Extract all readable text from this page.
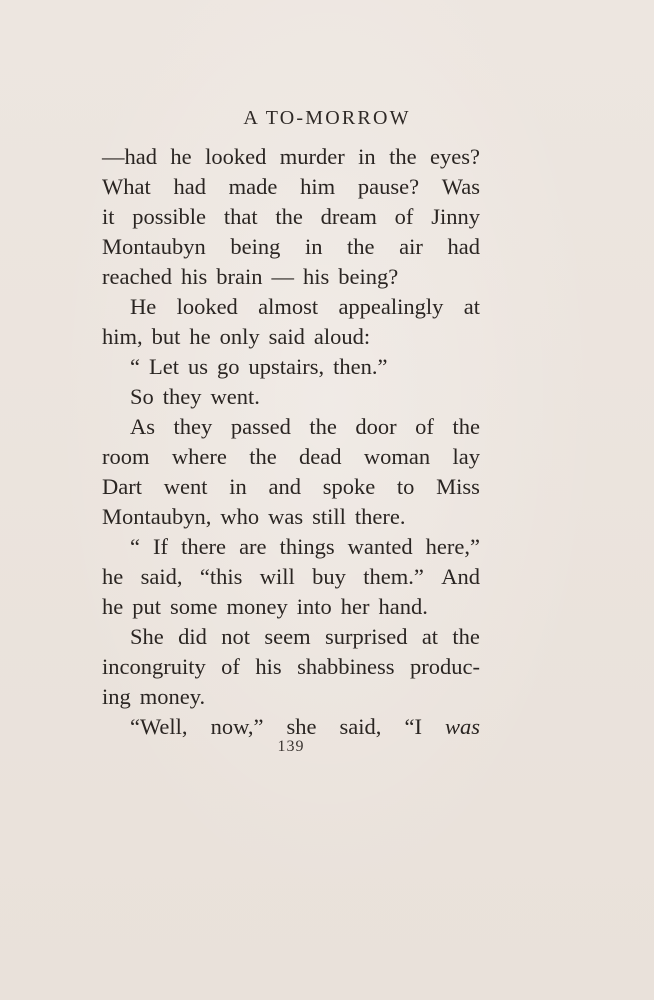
A TO-MORROW
—had he looked murder in the eyes?
What had made him pause? Was
it possible that the dream of Jinny
Montaubyn being in the air had
reached his brain — his being?
He looked almost appealingly at
him, but he only said aloud:
“ Let us go upstairs, then.”
So they went.
As they passed the door of the
room where the dead woman lay
Dart went in and spoke to Miss
Montaubyn, who was still there.
“ If there are things wanted here,”
he said, “this will buy them.” And
he put some money into her hand.
She did not seem surprised at the
incongruity of his shabbiness produc-
ing money.
“Well, now,” she said, “I was
139
